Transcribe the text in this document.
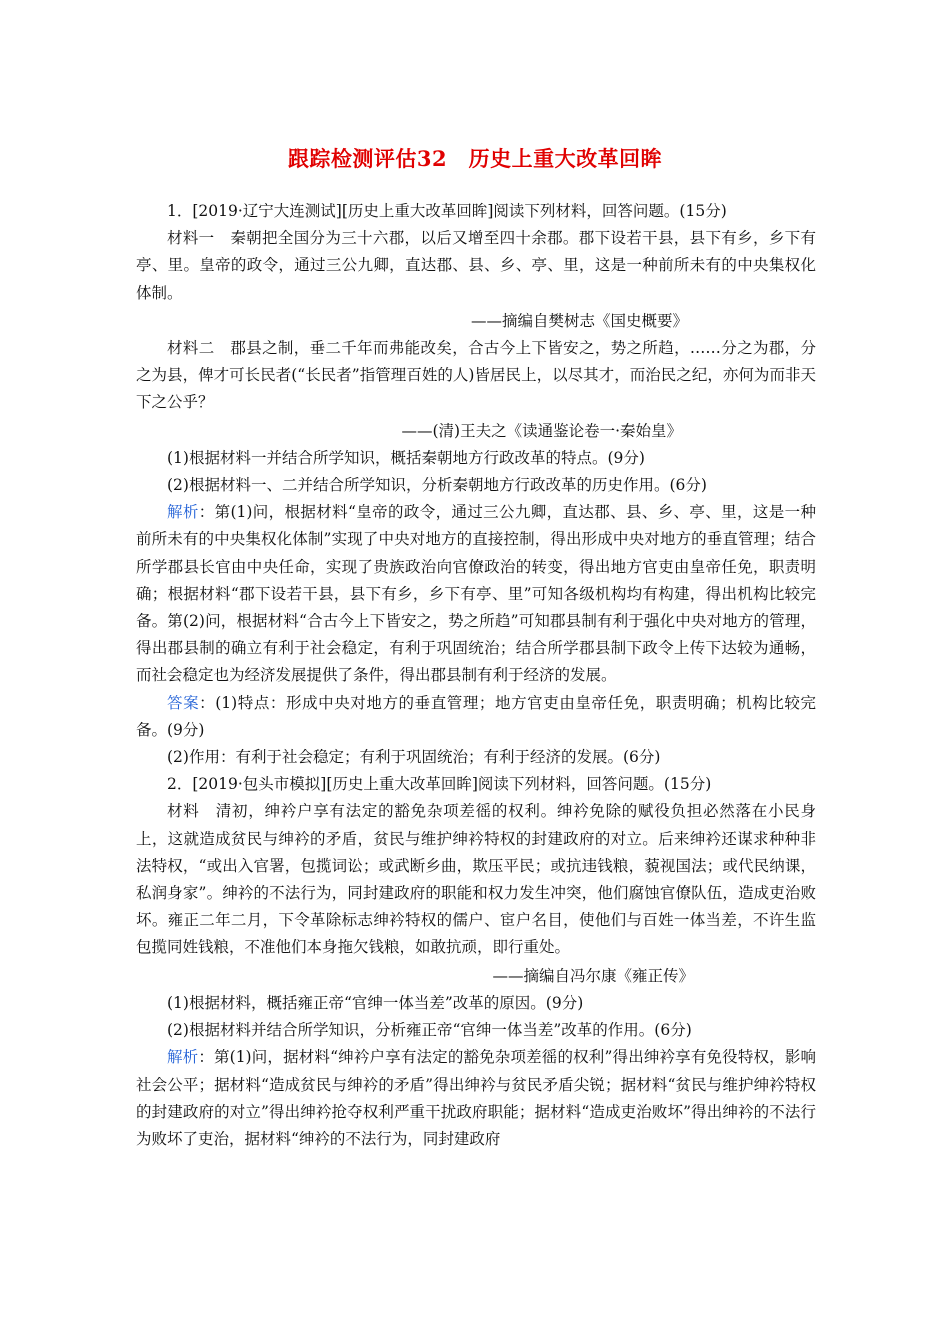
跟踪检测评估32　历史上重大改革回眸

1．[2019·辽宁大连测试][历史上重大改革回眸]阅读下列材料，回答问题。(15分)

材料一　秦朝把全国分为三十六郡，以后又增至四十余郡。郡下设若干县，县下有乡，乡下有亭、里。皇帝的政令，通过三公九卿，直达郡、县、乡、亭、里，这是一种前所未有的中央集权化体制。

——摘编自樊树志《国史概要》

材料二　郡县之制，垂二千年而弗能改矣，合古今上下皆安之，势之所趋，……分之为郡，分之为县，俾才可长民者(“长民者”指管理百姓的人)皆居民上，以尽其才，而治民之纪，亦何为而非天下之公乎？

——(清)王夫之《读通鉴论卷一·秦始皇》

(1)根据材料一并结合所学知识，概括秦朝地方行政改革的特点。(9分)

(2)根据材料一、二并结合所学知识，分析秦朝地方行政改革的历史作用。(6分)

解析：第(1)问，根据材料“皇帝的政令，通过三公九卿，直达郡、县、乡、亭、里，这是一种前所未有的中央集权化体制”实现了中央对地方的直接控制，得出形成中央对地方的垂直管理；结合所学郡县长官由中央任命，实现了贵族政治向官僚政治的转变，得出地方官吏由皇帝任免，职责明确；根据材料“郡下设若干县，县下有乡，乡下有亭、里”可知各级机构均有构建，得出机构比较完备。第(2)问，根据材料“合古今上下皆安之，势之所趋”可知郡县制有利于强化中央对地方的管理，得出郡县制的确立有利于社会稳定，有利于巩固统治；结合所学郡县制下政令上传下达较为通畅，而社会稳定也为经济发展提供了条件，得出郡县制有利于经济的发展。

答案：(1)特点：形成中央对地方的垂直管理；地方官吏由皇帝任免，职责明确；机构比较完备。(9分)

(2)作用：有利于社会稳定；有利于巩固统治；有利于经济的发展。(6分)

2．[2019·包头市模拟][历史上重大改革回眸]阅读下列材料，回答问题。(15分)

材料　清初，绅衿户享有法定的豁免杂项差徭的权利。绅衿免除的赋役负担必然落在小民身上，这就造成贫民与绅衿的矛盾，贫民与维护绅衿特权的封建政府的对立。后来绅衿还谋求种种非法特权，“或出入官署，包揽词讼；或武断乡曲，欺压平民；或抗违钱粮，藐视国法；或代民纳课，私润身家”。绅衿的不法行为，同封建政府的职能和权力发生冲突，他们腐蚀官僚队伍，造成吏治败坏。雍正二年二月，下令革除标志绅衿特权的儒户、宦户名目，使他们与百姓一体当差，不许生监包揽同姓钱粮，不准他们本身拖欠钱粮，如敢抗顽，即行重处。

——摘编自冯尔康《雍正传》

(1)根据材料，概括雍正帝“官绅一体当差”改革的原因。(9分)

(2)根据材料并结合所学知识，分析雍正帝“官绅一体当差”改革的作用。(6分)

解析：第(1)问，据材料“绅衿户享有法定的豁免杂项差徭的权利”得出绅衿享有免役特权，影响社会公平；据材料“造成贫民与绅衿的矛盾”得出绅衿与贫民矛盾尖锐；据材料“贫民与维护绅衿特权的封建政府的对立”得出绅衿抢夺权利严重干扰政府职能；据材料“造成吏治败坏”得出绅衿的不法行为败坏了吏治，据材料“绅衿的不法行为，同封建政府
